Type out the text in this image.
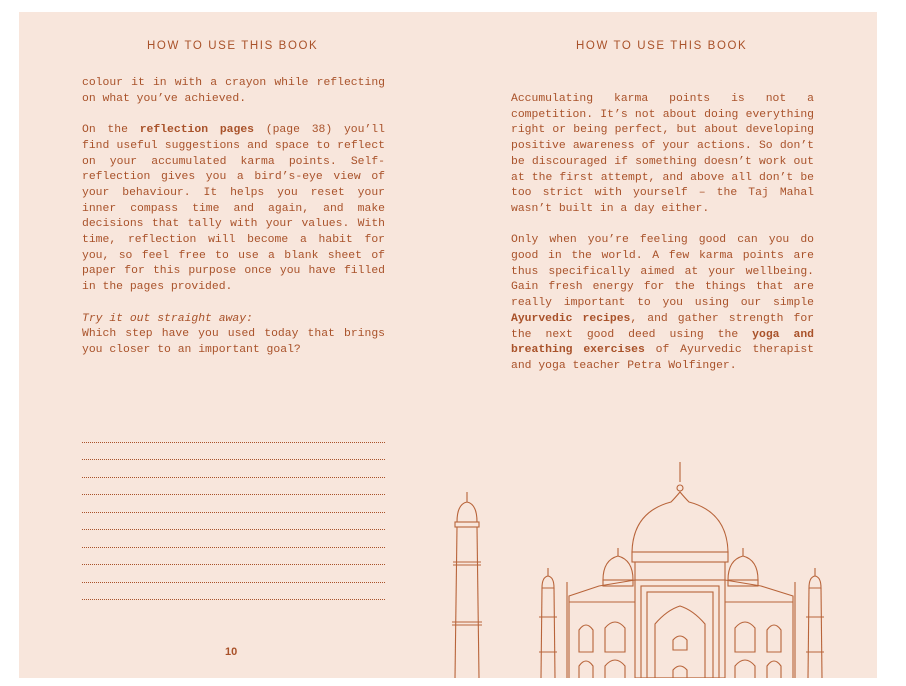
HOW TO USE THIS BOOK

colour it in with a crayon while reflecting on what you’ve achieved.

On the reflection pages (page 38) you’ll find useful suggestions and space to reflect on your accumulated karma points. Self-reflection gives you a bird’s-eye view of your behaviour. It helps you reset your inner compass time and again, and make decisions that tally with your values. With time, reflection will become a habit for you, so feel free to use a blank sheet of paper for this purpose once you have filled in the pages provided.

Try it out straight away:
Which step have you used today that brings you closer to an important goal?

10
HOW TO USE THIS BOOK

Accumulating karma points is not a competition. It’s not about doing everything right or being perfect, but about developing positive awareness of your actions. So don’t be discouraged if something doesn’t work out at the first attempt, and above all don’t be too strict with yourself – the Taj Mahal wasn’t built in a day either.

Only when you’re feeling good can you do good in the world. A few karma points are thus specifically aimed at your wellbeing. Gain fresh energy for the things that are really important to you using our simple Ayurvedic recipes, and gather strength for the next good deed using the yoga and breathing exercises of Ayurvedic therapist and yoga teacher Petra Wolfinger.
